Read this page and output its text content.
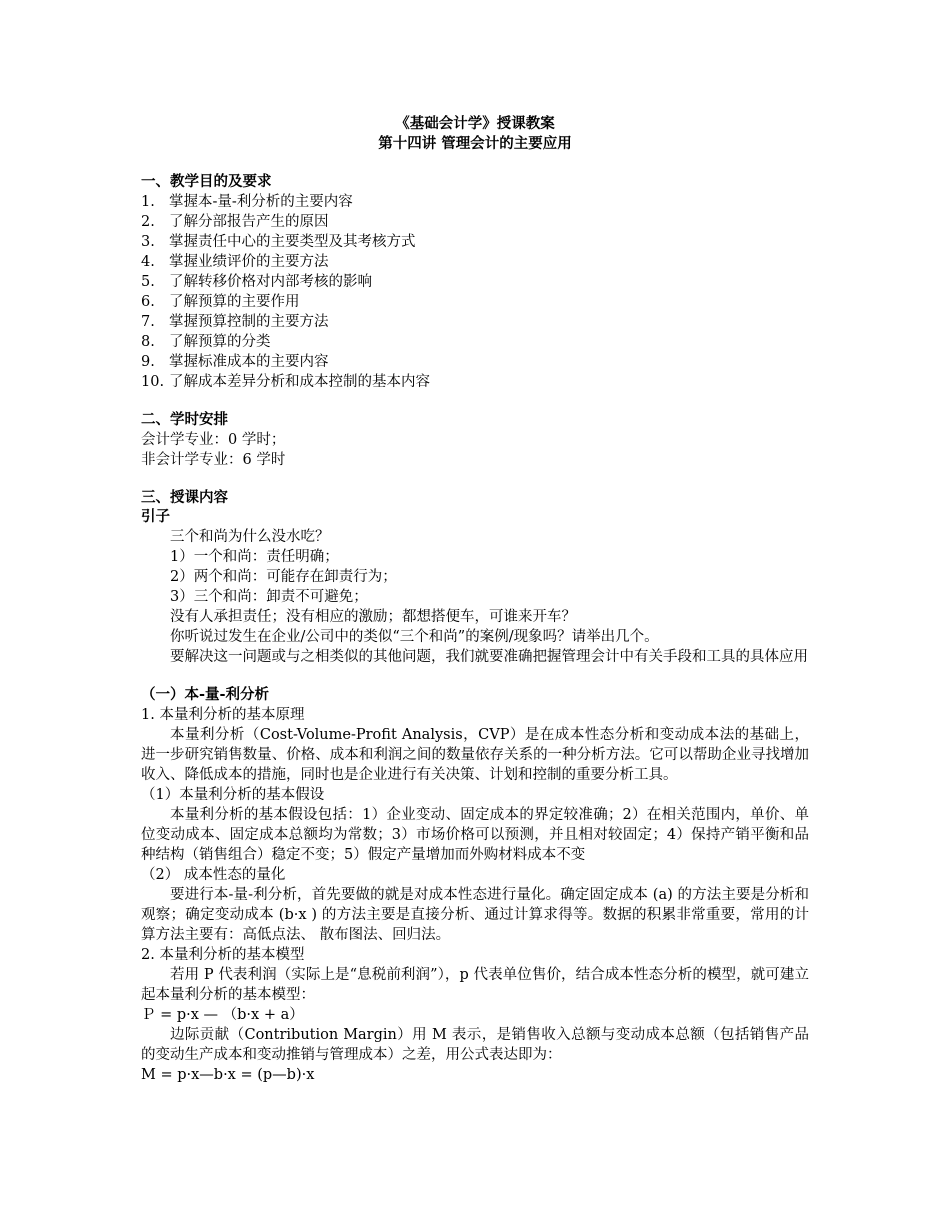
《基础会计学》授课教案
第十四讲 管理会计的主要应用
一、教学目的及要求
1. 掌握本-量-利分析的主要内容
2. 了解分部报告产生的原因
3. 掌握责任中心的主要类型及其考核方式
4. 掌握业绩评价的主要方法
5. 了解转移价格对内部考核的影响
6. 了解预算的主要作用
7. 掌握预算控制的主要方法
8. 了解预算的分类
9. 掌握标准成本的主要内容
10. 了解成本差异分析和成本控制的基本内容
二、学时安排
会计学专业：0 学时；
非会计学专业：6 学时
三、授课内容
引子
三个和尚为什么没水吃？
1）一个和尚：责任明确；
2）两个和尚：可能存在卸责行为；
3）三个和尚：卸责不可避免；
没有人承担责任；没有相应的激励；都想搭便车，可谁来开车？
你听说过发生在企业/公司中的类似“三个和尚”的案例/现象吗？请举出几个。
要解决这一问题或与之相类似的其他问题，我们就要准确把握管理会计中有关手段和工具的具体应用
（一）本-量-利分析
1. 本量利分析的基本原理
本量利分析（Cost-Volume-Profit Analysis，CVP）是在成本性态分析和变动成本法的基础上，进一步研究销售数量、价格、成本和利润之间的数量依存关系的一种分析方法。它可以帮助企业寻找增加收入、降低成本的措施，同时也是企业进行有关决策、计划和控制的重要分析工具。
（1）本量利分析的基本假设
本量利分析的基本假设包括：1）企业变动、固定成本的界定较准确；2）在相关范围内，单价、单位变动成本、固定成本总额均为常数；3）市场价格可以预测，并且相对较固定；4）保持产销平衡和品种结构（销售组合）稳定不变；5）假定产量增加而外购材料成本不变
（2） 成本性态的量化
要进行本-量-利分析，首先要做的就是对成本性态进行量化。确定固定成本 (a) 的方法主要是分析和观察；确定变动成本 (b·x ) 的方法主要是直接分析、通过计算求得等。数据的积累非常重要，常用的计算方法主要有：高低点法、 散布图法、回归法。
2. 本量利分析的基本模型
若用 P 代表利润（实际上是“息税前利润”），p 代表单位售价，结合成本性态分析的模型，就可建立起本量利分析的基本模型：
Ｐ = p·x — （b·x + a）
边际贡献（Contribution Margin）用 M 表示，是销售收入总额与变动成本总额（包括销售产品的变动生产成本和变动推销与管理成本）之差，用公式表达即为：
M = p·x—b·x = (p—b)·x
